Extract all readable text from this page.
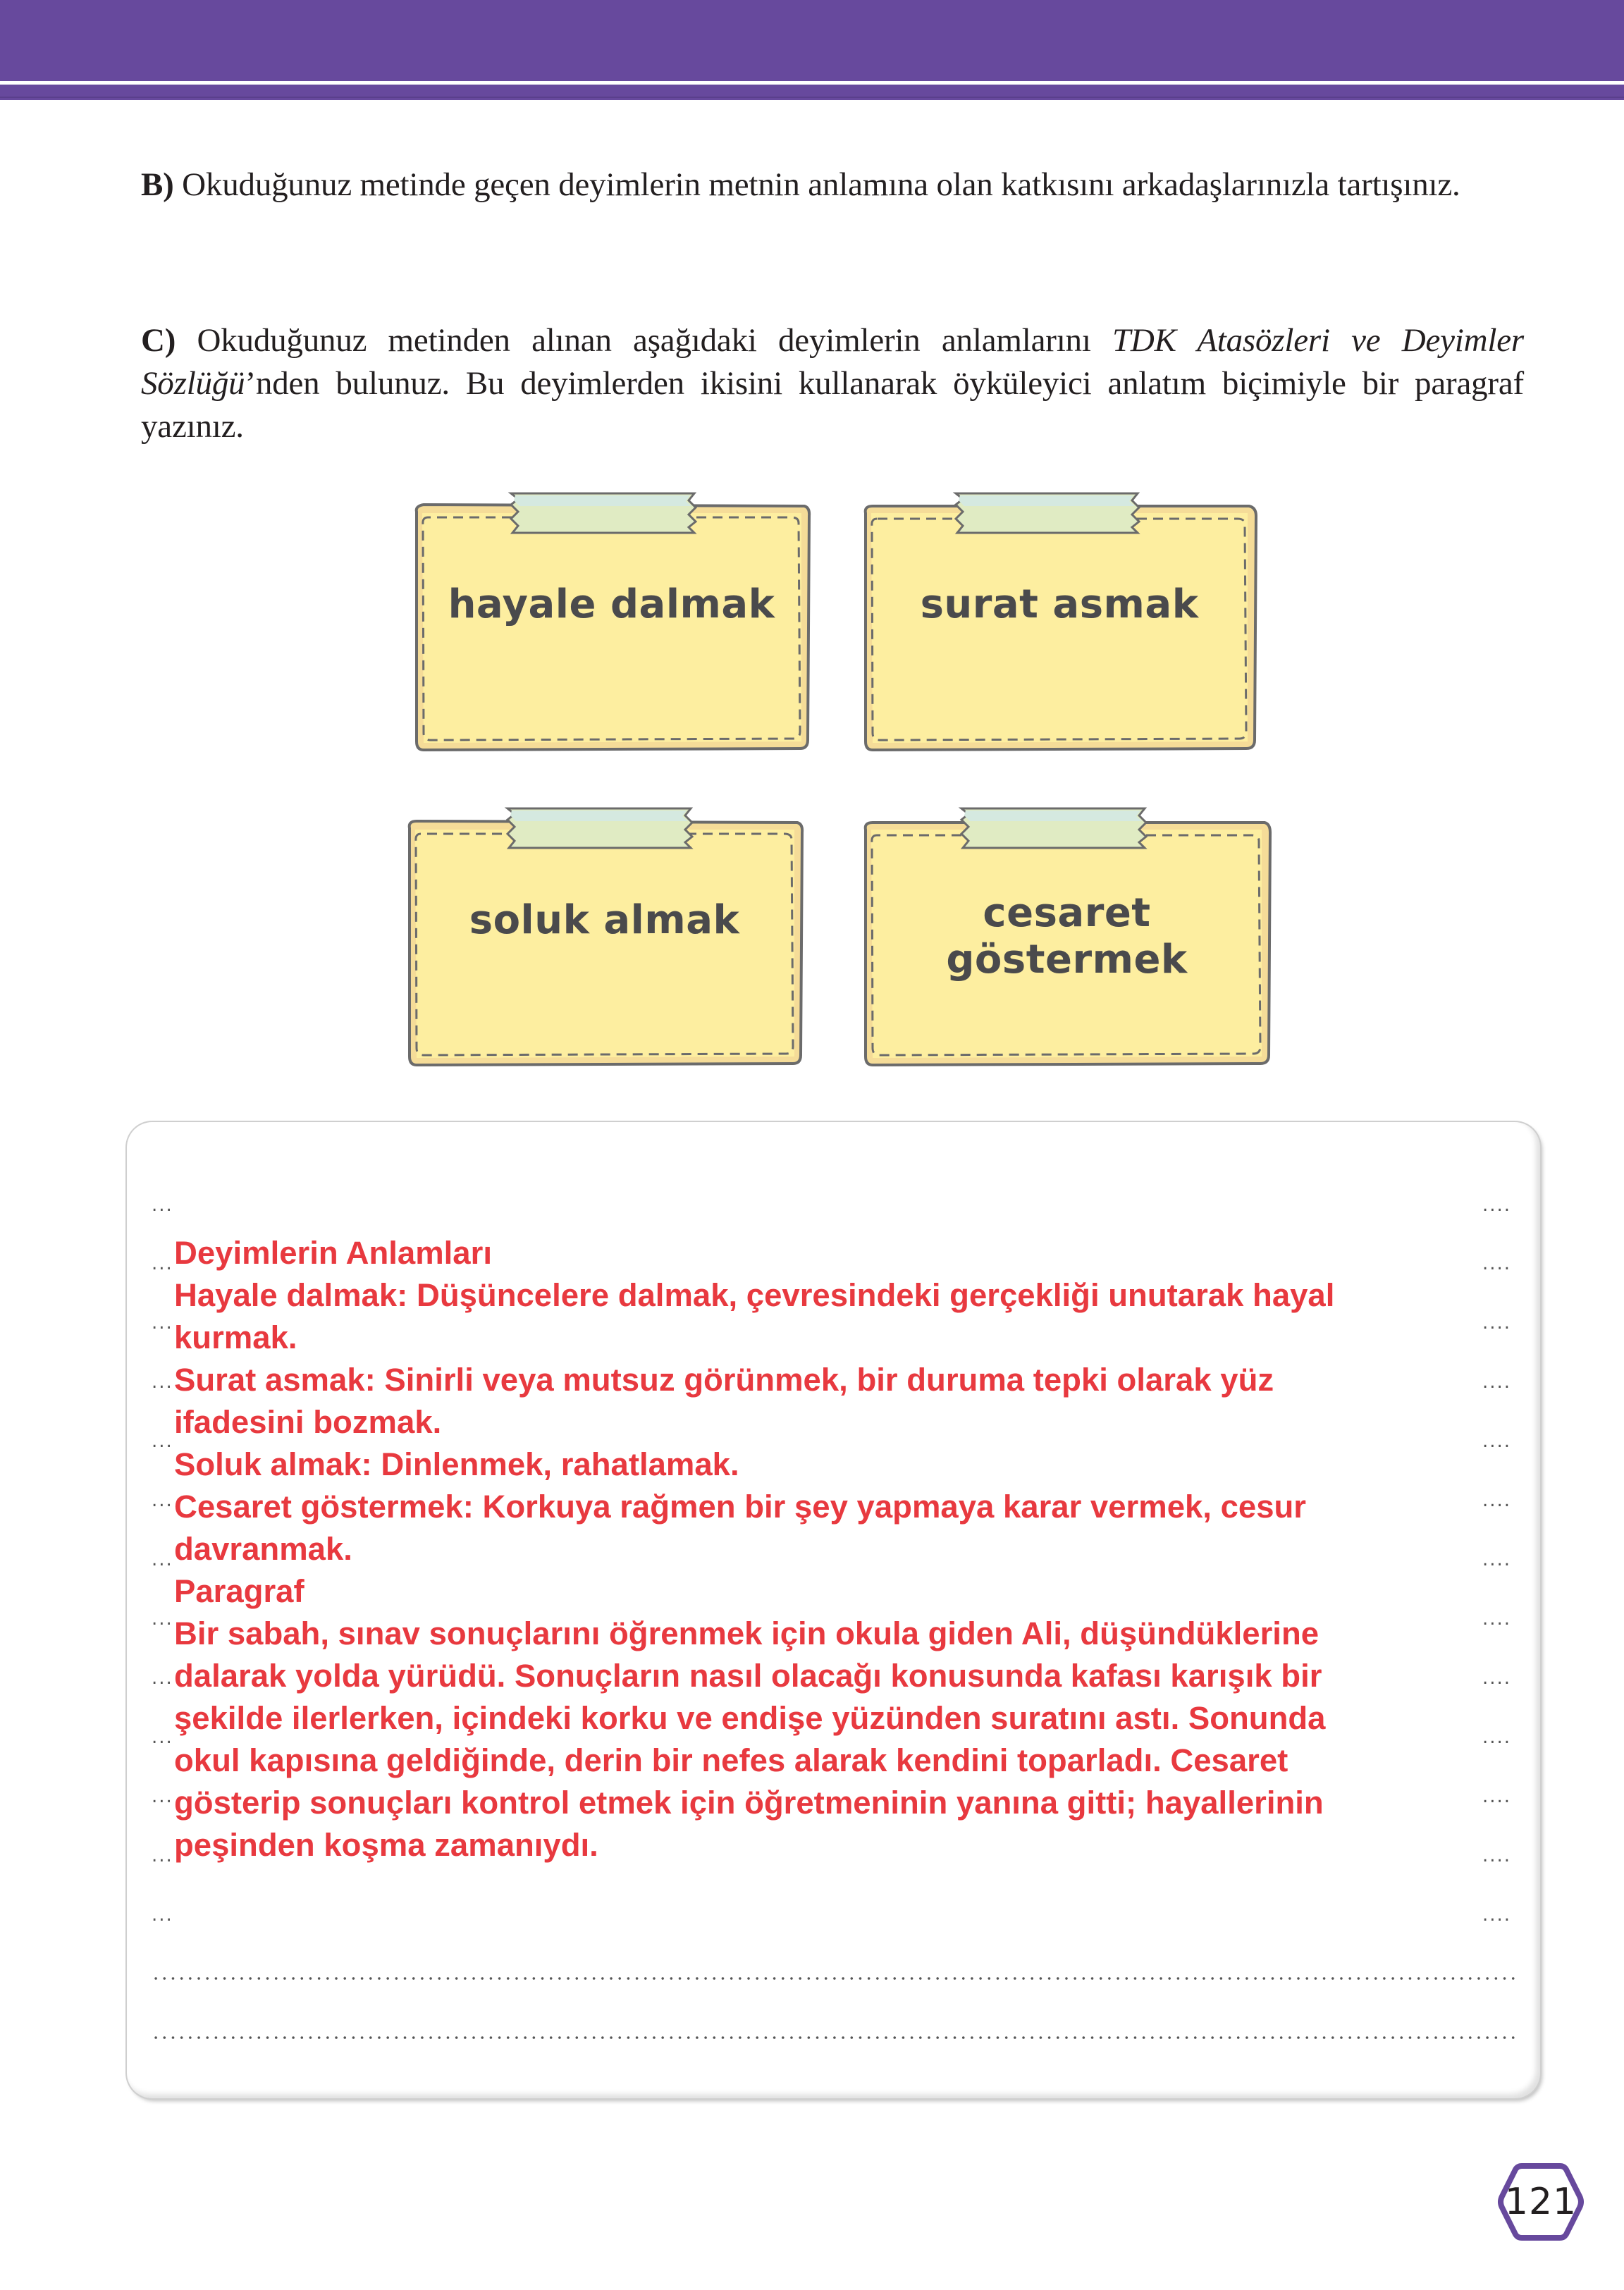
B) Okuduğunuz metinde geçen deyimlerin metnin anlamına olan katkısını arkadaşlarınızla tartışınız.
C) Okuduğunuz metinden alınan aşağıdaki deyimlerin anlamlarını TDK Atasözleri ve Deyimler Sözlüğü’nden bulunuz. Bu deyimlerden ikisini kullanarak öyküleyici anlatım biçimiyle bir paragraf yazınız.
hayale dalmak	surat asmak
soluk almak	cesaret
göstermek
...
...
...
...
...
...
...
...
...
...
...
...
...
....
....
....
....
....
....
....
....
....
....
....
....
....
Deyimlerin Anlamları
Hayale dalmak: Düşüncelere dalmak, çevresindeki gerçekliği unutarak hayal
kurmak.
Surat asmak: Sinirli veya mutsuz görünmek, bir duruma tepki olarak yüz
ifadesini bozmak.
Soluk almak: Dinlenmek, rahatlamak.
Cesaret göstermek: Korkuya rağmen bir şey yapmaya karar vermek, cesur
davranmak.
Paragraf
Bir sabah, sınav sonuçlarını öğrenmek için okula giden Ali, düşündüklerine
dalarak yolda yürüdü. Sonuçların nasıl olacağı konusunda kafası karışık bir
şekilde ilerlerken, içindeki korku ve endişe yüzünden suratını astı. Sonunda
okul kapısına geldiğinde, derin bir nefes alarak kendini toparladı. Cesaret
gösterip sonuçları kontrol etmek için öğretmeninin yanına gitti; hayallerinin
peşinden koşma zamanıydı.
121
